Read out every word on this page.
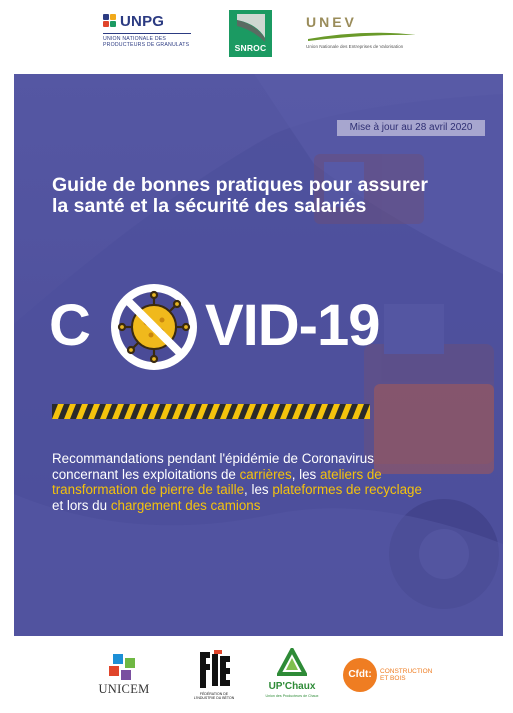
UNPG
UNION NATIONALE DES PRODUCTEURS DE GRANULATS	SNROC
UNEV
Union Nationale des Entreprises de Valorisation
Mise à jour au 28 avril 2020
Guide de bonnes pratiques pour assurer la santé et la sécurité des salariés
C VID-19
Recommandations pendant l'épidémie de Coronavirus concernant les exploitations de carrières, les ateliers de transformation de pierre de taille, les plateformes de recyclage et lors du chargement des camions
UNICEM	FÉDÉRATION DE L'INDUSTRIE DU BÉTON
UP'Chaux
Union des Producteurs de Chaux
Cfdt:	CONSTRUCTION ET BOIS
